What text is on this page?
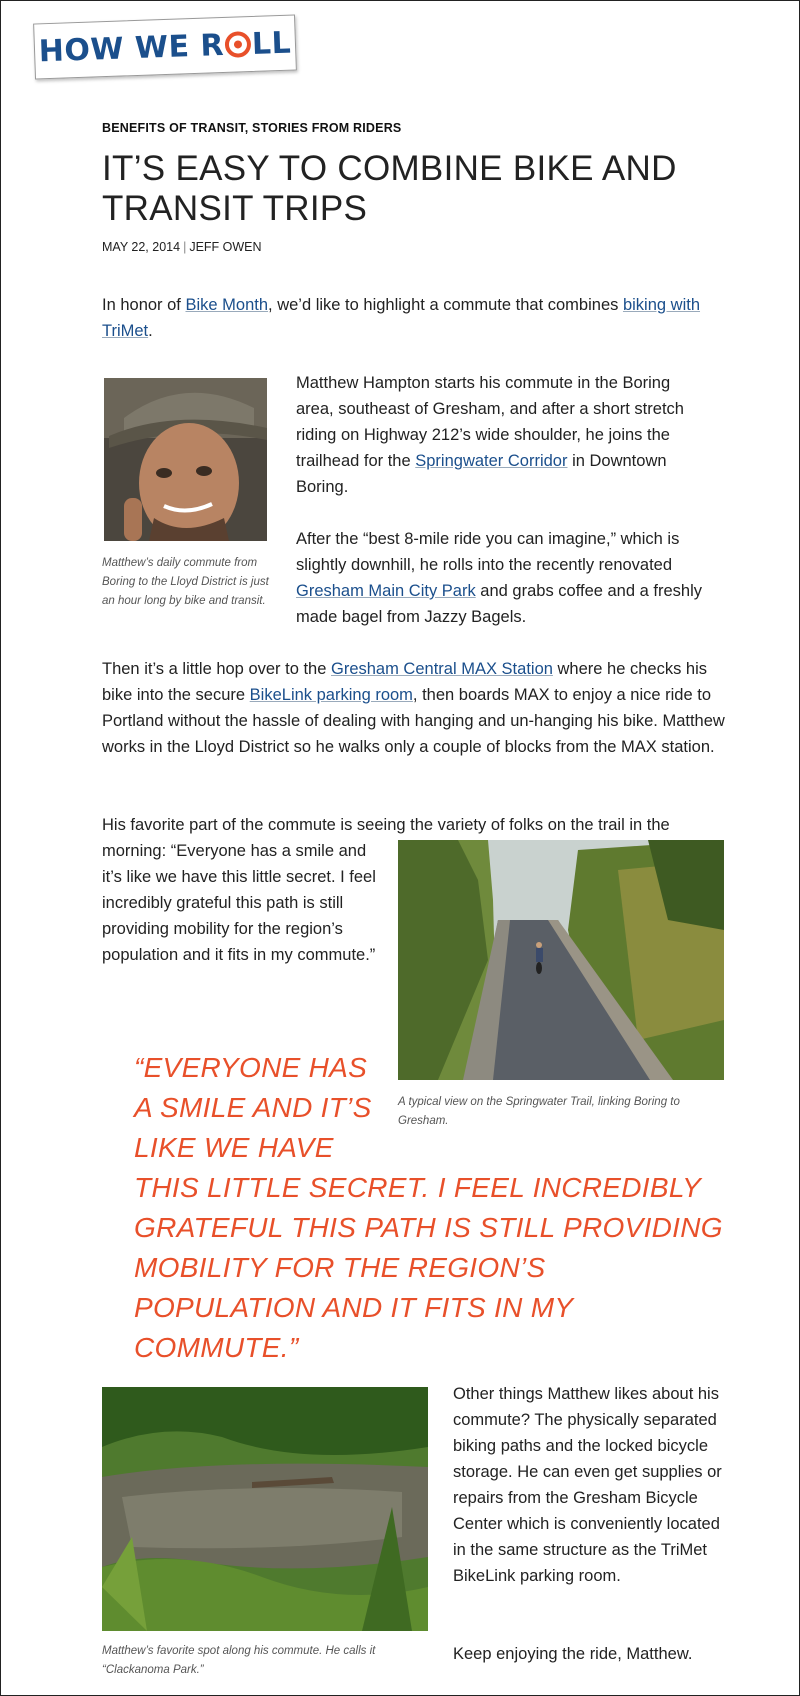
HOW WE R LL
BENEFITS OF TRANSIT, STORIES FROM RIDERS
IT’S EASY TO COMBINE BIKE AND TRANSIT TRIPS
MAY 22, 2014 | JEFF OWEN

In honor of Bike Month, we’d like to highlight a commute that combines biking with TriMet.

Matthew’s daily commute from Boring to the Lloyd District is just an hour long by bike and transit.

Matthew Hampton starts his commute in the Boring area, southeast of Gresham, and after a short stretch riding on Highway 212’s wide shoulder, he joins the trailhead for the Springwater Corridor in Downtown Boring.

After the “best 8-mile ride you can imagine,” which is slightly downhill, he rolls into the recently renovated Gresham Main City Park and grabs coffee and a freshly made bagel from Jazzy Bagels.

Then it’s a little hop over to the Gresham Central MAX Station where he checks his bike into the secure BikeLink parking room, then boards MAX to enjoy a nice ride to Portland without the hassle of dealing with hanging and un-hanging his bike. Matthew works in the Lloyd District so he walks only a couple of blocks from the MAX station.

His favorite part of the commute is seeing the variety of folks on the trail in the

morning: “Everyone has a smile and it’s like we have this little secret. I feel incredibly grateful this path is still providing mobility for the region’s population and it fits in my commute.”

A typical view on the Springwater Trail, linking Boring to Gresham.

“EVERYONE HAS A SMILE AND IT’S LIKE WE HAVE

THIS LITTLE SECRET. I FEEL INCREDIBLY GRATEFUL THIS PATH IS STILL PROVIDING MOBILITY FOR THE REGION’S POPULATION AND IT FITS IN MY COMMUTE.”

Matthew’s favorite spot along his commute. He calls it “Clackanoma Park.”

Other things Matthew likes about his commute? The physically separated biking paths and the locked bicycle storage. He can even get supplies or repairs from the Gresham Bicycle Center which is conveniently located in the same structure as the TriMet BikeLink parking room.

Keep enjoying the ride, Matthew.
